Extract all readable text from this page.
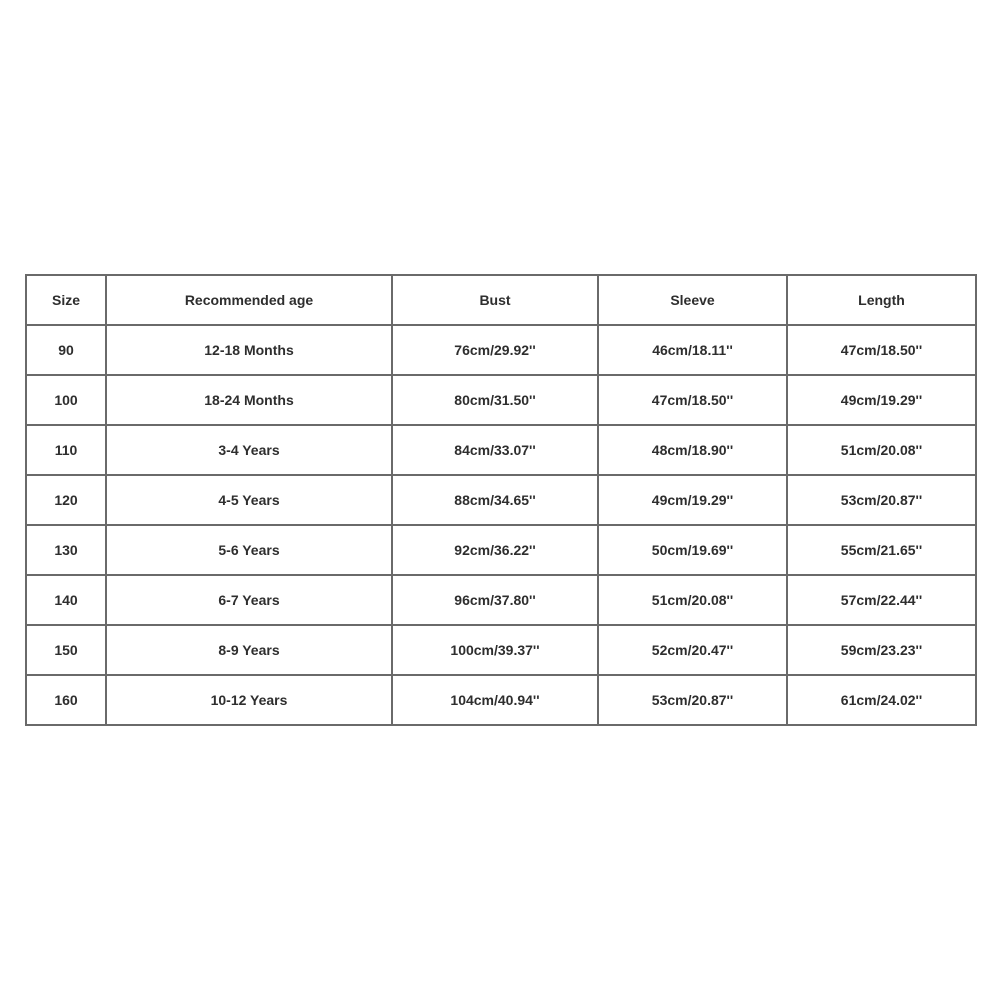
Size	Recommended age	Bust	Sleeve	Length
90	12-18 Months	76cm/29.92''	46cm/18.11''	47cm/18.50''
100	18-24 Months	80cm/31.50''	47cm/18.50''	49cm/19.29''
110	3-4 Years	84cm/33.07''	48cm/18.90''	51cm/20.08''
120	4-5 Years	88cm/34.65''	49cm/19.29''	53cm/20.87''
130	5-6 Years	92cm/36.22''	50cm/19.69''	55cm/21.65''
140	6-7 Years	96cm/37.80''	51cm/20.08''	57cm/22.44''
150	8-9 Years	100cm/39.37''	52cm/20.47''	59cm/23.23''
160	10-12 Years	104cm/40.94''	53cm/20.87''	61cm/24.02''
